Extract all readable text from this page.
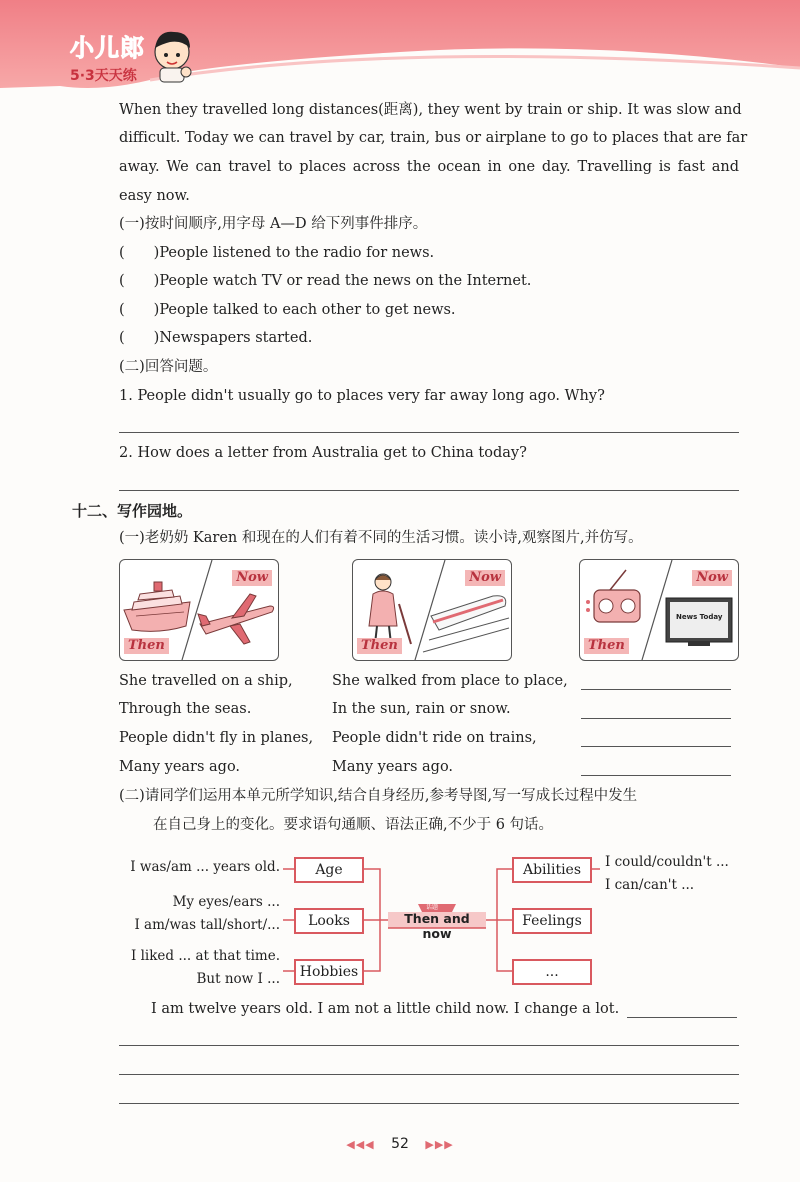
小儿郎
5·3天天练
When they travelled long distances(距离), they went by train or ship. It was slow and
difficult. Today we can travel by car, train, bus or airplane to go to places that are far
away. We can travel to places across the ocean in one day. Travelling is fast and
easy now.
(一)按时间顺序,用字母 A—D 给下列事件排序。
(　　)People listened to the radio for news.
(　　)People watch TV or read the news on the Internet.
(　　)People talked to each other to get news.
(　　)Newspapers started.
(二)回答问题。
1. People didn't usually go to places very far away long ago. Why?
2. How does a letter from Australia get to China today?
十二、写作园地。
(一)老奶奶 Karen 和现在的人们有着不同的生活习惯。读小诗,观察图片,并仿写。
Now
Then
Now
Then
News Today
Now
Then
She travelled on a ship,
Through the seas.
People didn't fly in planes,
Many years ago.
She walked from place to place,
In the sun, rain or snow.
People didn't ride on trains,
Many years ago.
(二)请同学们运用本单元所学知识,结合自身经历,参考导图,写一写成长过程中发生
在自己身上的变化。要求语句通顺、语法正确,不少于 6 句话。
Age
Looks
Hobbies
Abilities
Feelings
...
话题
Then and now
I was/am ... years old.
My eyes/ears ...
I am/was tall/short/...
I liked ... at that time.
But now I ...
I could/couldn't ...
I can/can't ...
I am twelve years old. I am not a little child now. I change a lot.
◀◀◀ 52 ▶▶▶
